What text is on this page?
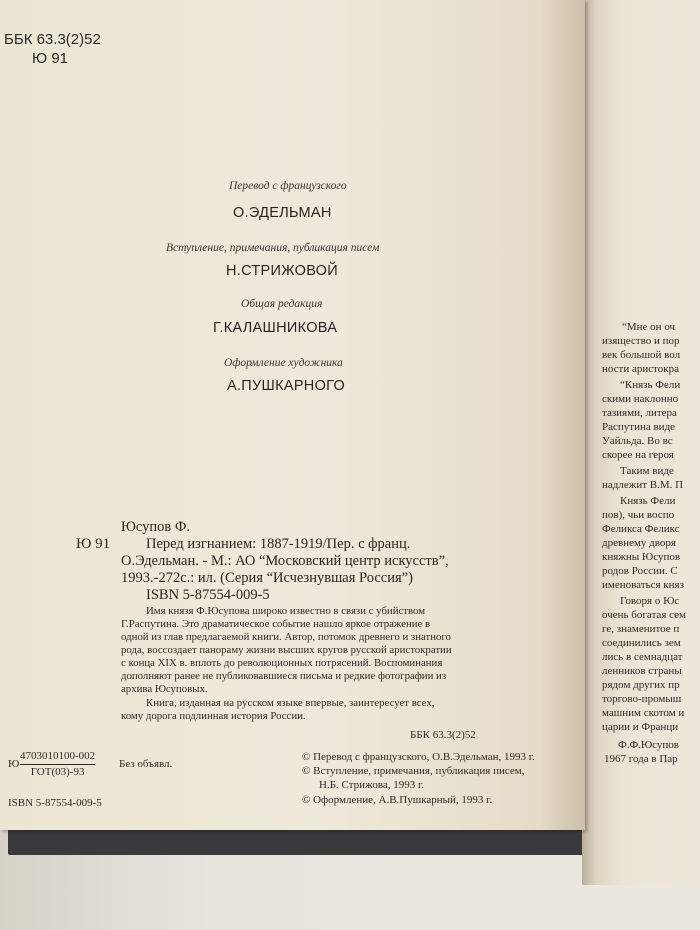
“Мне он оч
изящество и пор
век большой вол
ности аристокра
“Князь Фели
скими наклонно
тазиями, литера
Распутина виде
Уайльда. Во вс
скорее на героя
Таким виде
надлежит В.М. П
Князь Фели
пов), чьи воспо
Феликса Феликс
древнему дворя
княжны Юсупов
родов России. С
именоваться княз
Говоря о Юс
очень богатая сем
ге, знаменитое п
соединились зем
лись в семнадцат
ленников страны
рядом других пр
торгово-промыш
машним скотом и
царии и Франци
Ф.Ф.Юсупов
1967 года в Пар
ББК 63.3(2)52
Ю 91
Перевод с французского
О.ЭДЕЛЬМАН
Вступление, примечания, публикация писем
Н.СТРИЖОВОЙ
Общая редакция
Г.КАЛАШНИКОВА
Оформление художника
А.ПУШКАРНОГО
Юсупов Ф.
Ю 91 Перед изгнанием: 1887-1919/Пер. с франц.
О.Эдельман. - М.: АО “Московский центр искусств”,
1993.-272с.: ил. (Серия “Исчезнувшая Россия”)
ISBN 5-87554-009-5
Имя князя Ф.Юсупова широко известно в связи с убийством
Г.Распутина. Это драматическое событие нашло яркое отражение в
одной из глав предлагаемой книги. Автор, потомок древнего и знатного
рода, воссоздает панораму жизни высших кругов русской аристократии
с конца XIX в. вплоть до революционных потрясений. Воспоминания
дополняют ранее не публиковавшиеся письма и редкие фотографии из
архива Юсуповых.
Книга, изданная на русском языке впервые, заинтересует всех,
кому дорога подлинная история России.
ББК 63.3(2)52
Ю
4703010100-002
ГОТ(03)-93
Без объявл.
ISBN 5-87554-009-5
© Перевод с французского, О.В.Эдельман, 1993 г.
© Вступление, примечания, публикация писем,
Н.Б. Стрижова, 1993 г.
© Оформление, А.В.Пушкарный, 1993 г.
